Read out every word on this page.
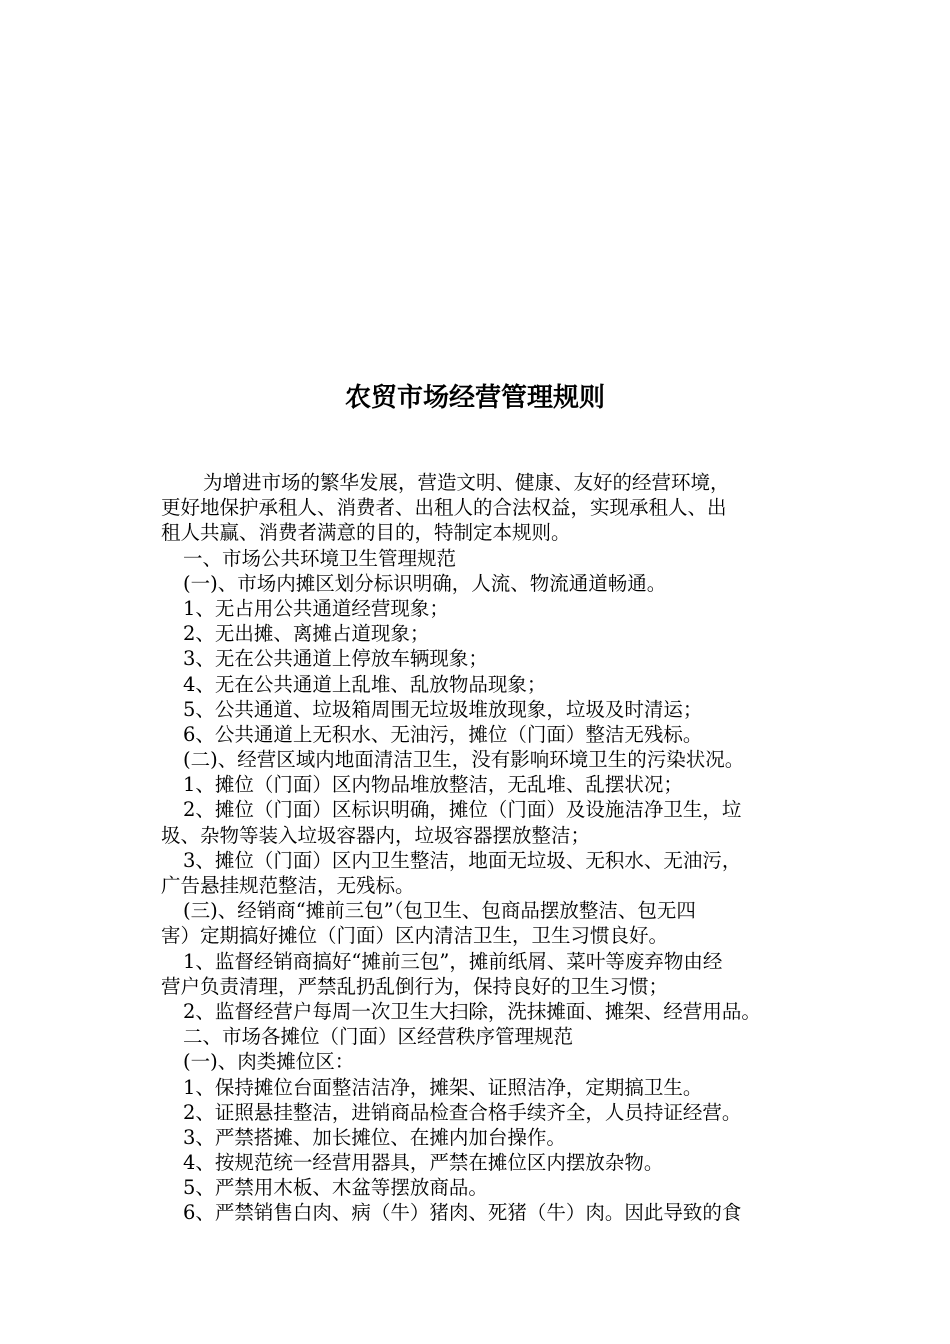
农贸市场经营管理规则
为增进市场的繁华发展，营造文明、健康、友好的经营环境，
更好地保护承租人、消费者、出租人的合法权益，实现承租人、出
租人共赢、消费者满意的目的，特制定本规则。
一、市场公共环境卫生管理规范
(一)、市场内摊区划分标识明确，人流、物流通道畅通。
1、无占用公共通道经营现象；
2、无出摊、离摊占道现象；
3、无在公共通道上停放车辆现象；
4、无在公共通道上乱堆、乱放物品现象；
5、公共通道、垃圾箱周围无垃圾堆放现象，垃圾及时清运；
6、公共通道上无积水、无油污，摊位（门面）整洁无残标。
(二)、经营区域内地面清洁卫生，没有影响环境卫生的污染状况。
1、摊位（门面）区内物品堆放整洁，无乱堆、乱摆状况；
2、摊位（门面）区标识明确，摊位（门面）及设施洁净卫生，垃
圾、杂物等装入垃圾容器内，垃圾容器摆放整洁；
3、摊位（门面）区内卫生整洁，地面无垃圾、无积水、无油污，
广告悬挂规范整洁，无残标。
(三)、经销商“摊前三包”（包卫生、包商品摆放整洁、包无四
害）定期搞好摊位（门面）区内清洁卫生，卫生习惯良好。
1、监督经销商搞好“摊前三包”，摊前纸屑、菜叶等废弃物由经
营户负责清理，严禁乱扔乱倒行为，保持良好的卫生习惯；
2、监督经营户每周一次卫生大扫除，洗抹摊面、摊架、经营用品。
二、市场各摊位（门面）区经营秩序管理规范
(一)、肉类摊位区：
1、保持摊位台面整洁洁净，摊架、证照洁净，定期搞卫生。
2、证照悬挂整洁，进销商品检查合格手续齐全，人员持证经营。
3、严禁搭摊、加长摊位、在摊内加台操作。
4、按规范统一经营用器具，严禁在摊位区内摆放杂物。
5、严禁用木板、木盆等摆放商品。
6、严禁销售白肉、病（牛）猪肉、死猪（牛）肉。因此导致的食
